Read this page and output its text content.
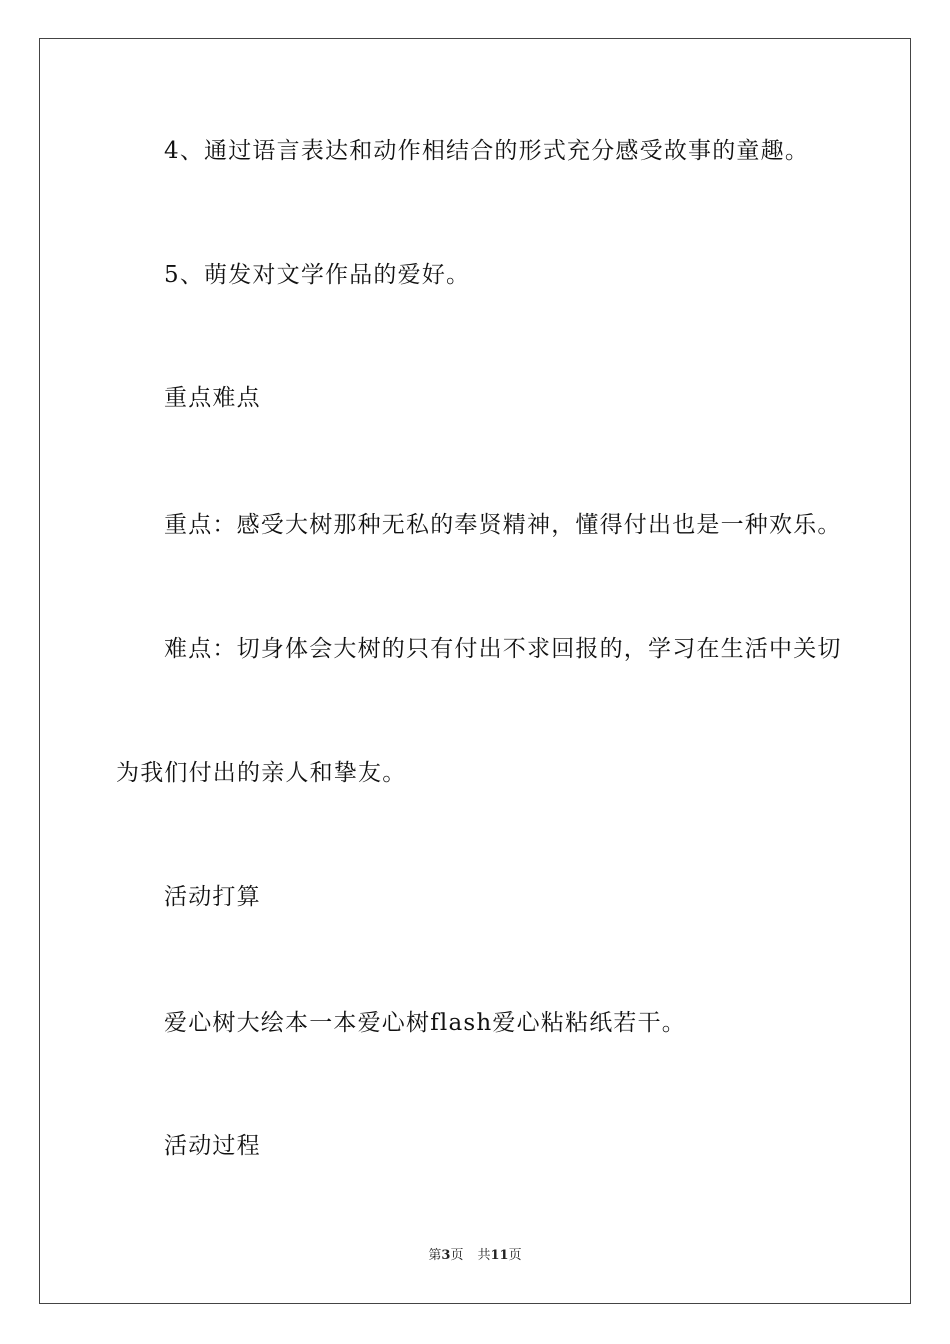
4、通过语言表达和动作相结合的形式充分感受故事的童趣。
5、萌发对文学作品的爱好。
重点难点
重点：感受大树那种无私的奉贤精神，懂得付出也是一种欢乐。
难点：切身体会大树的只有付出不求回报的，学习在生活中关切
为我们付出的亲人和挚友。
活动打算
爱心树大绘本一本爱心树flash爱心粘粘纸若干。
活动过程
第3页 共11页
